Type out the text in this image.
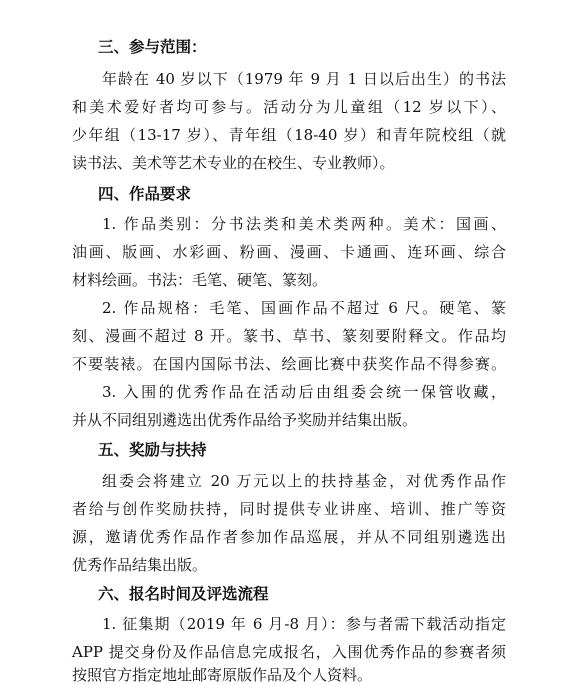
三、参与范围：
年龄在 40 岁以下（1979 年 9 月 1 日以后出生）的书法
和美术爱好者均可参与。活动分为儿童组（12 岁以下）、
少年组（13-17 岁）、青年组（18-40 岁）和青年院校组（就
读书法、美术等艺术专业的在校生、专业教师）。
四、作品要求
1. 作品类别：分书法类和美术类两种。美术：国画、
油画、版画、水彩画、粉画、漫画、卡通画、连环画、综合
材料绘画。书法：毛笔、硬笔、篆刻。
2. 作品规格：毛笔、国画作品不超过 6 尺。硬笔、篆
刻、漫画不超过 8 开。篆书、草书、篆刻要附释文。作品均
不要装裱。在国内国际书法、绘画比赛中获奖作品不得参赛。
3. 入围的优秀作品在活动后由组委会统一保管收藏，
并从不同组别遴选出优秀作品给予奖励并结集出版。
五、奖励与扶持
组委会将建立 20 万元以上的扶持基金，对优秀作品作
者给与创作奖励扶持，同时提供专业讲座、培训、推广等资
源，邀请优秀作品作者参加作品巡展，并从不同组别遴选出
优秀作品结集出版。
六、报名时间及评选流程
1. 征集期（2019 年 6 月-8 月）：参与者需下载活动指定
APP 提交身份及作品信息完成报名，入围优秀作品的参赛者须
按照官方指定地址邮寄原版作品及个人资料。
